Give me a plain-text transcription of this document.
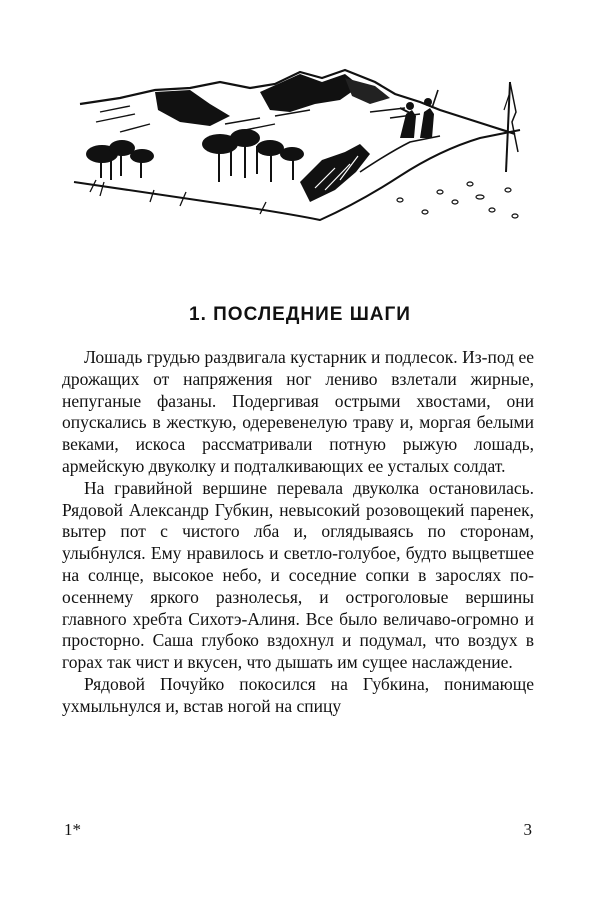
1. ПОСЛЕДНИЕ ШАГИ

Лошадь грудью раздвигала кустарник и подлесок. Из-под ее дрожащих от напряжения ног лениво взлетали жирные, непуганые фазаны. Подергивая острыми хвостами, они опускались в жесткую, одеревенелую траву и, моргая белыми веками, искоса рассматривали потную рыжую лошадь, армейскую двуколку и подталкивающих ее усталых солдат.

На гравийной вершине перевала двуколка остановилась. Рядовой Александр Губкин, невысокий розовощекий паренек, вытер пот с чистого лба и, оглядываясь по сторонам, улыбнулся. Ему нравилось и светло-голубое, будто выцветшее на солнце, высокое небо, и соседние сопки в зарослях по-осеннему яркого разнолесья, и остроголовые вершины главного хребта Сихотэ-Алиня. Все было величаво-огромно и просторно. Саша глубоко вздохнул и подумал, что воздух в горах так чист и вкусен, что дышать им сущее наслаждение.

Рядовой Почуйко покосился на Губкина, понимающе ухмыльнулся и, встав ногой на спицу

1*	3
